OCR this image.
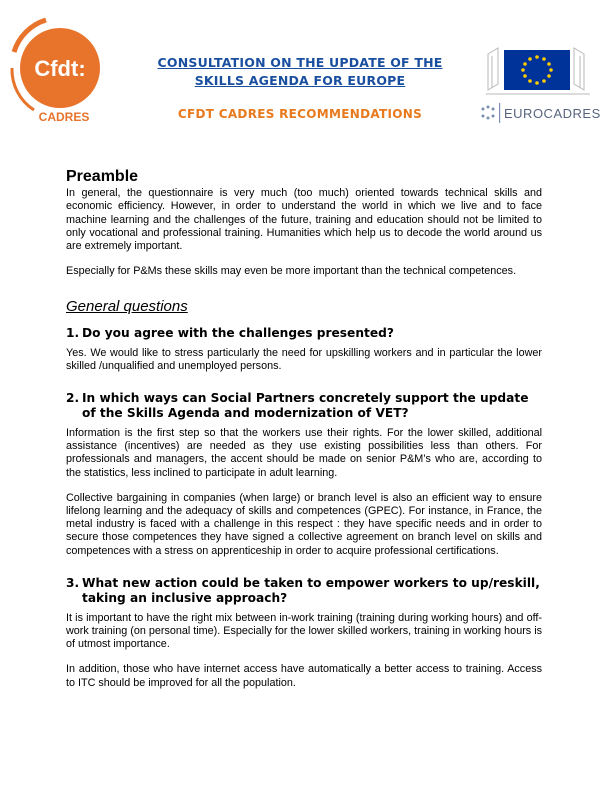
Cfdt:
CADRES
CONSULTATION ON THE UPDATE OF THE
SKILLS AGENDA FOR EUROPE
CFDT CADRES RECOMMENDATIONS	EUROCADRES
Preamble

In general, the questionnaire is very much (too much) oriented towards technical skills and economic efficiency. However, in order to understand the world in which we live and to face machine learning and the challenges of the future, training and education should not be limited to only vocational and professional training. Humanities which help us to decode the world around us are extremely important.

Especially for P&Ms these skills may even be more important than the technical competences.

General questions
1. Do you agree with the challenges presented?

Yes. We would like to stress particularly the need for upskilling workers and in particular the lower skilled /unqualified and unemployed persons.

2. In which ways can Social Partners concretely support the update of the Skills Agenda and modernization of VET?

Information is the first step so that the workers use their rights. For the lower skilled, additional assistance (incentives) are needed as they use existing possibilities less than others. For professionals and managers, the accent should be made on senior P&M’s who are, according to the statistics, less inclined to participate in adult learning.

Collective bargaining in companies (when large) or branch level is also an efficient way to ensure lifelong learning and the adequacy of skills and competences (GPEC). For instance, in France, the metal industry is faced with a challenge in this respect : they have specific needs and in order to secure those competences they have signed a collective agreement on branch level on skills and competences with a stress on apprenticeship in order to acquire professional certifications.

3. What new action could be taken to empower workers to up/reskill, taking an inclusive approach?

It is important to have the right mix between in-work training (training during working hours) and off-work training (on personal time). Especially for the lower skilled workers, training in working hours is of utmost importance.

In addition, those who have internet access have automatically a better access to training. Access to ITC should be improved for all the population.
